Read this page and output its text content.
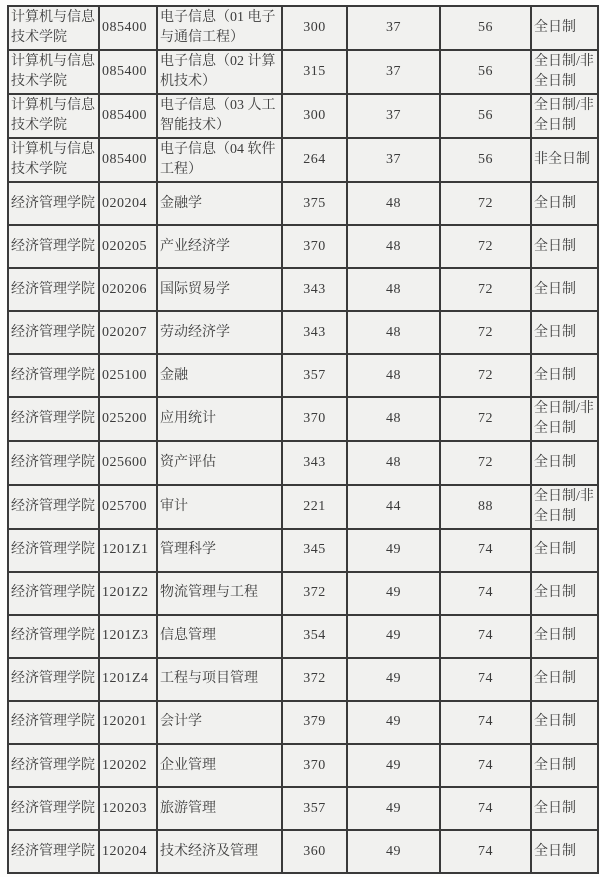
计算机与信息技术学院	085400	电子信息（01 电子与通信工程）	300	37	56	全日制
计算机与信息技术学院	085400	电子信息（02 计算机技术）	315	37	56	全日制/非全日制
计算机与信息技术学院	085400	电子信息（03 人工智能技术）	300	37	56	全日制/非全日制
计算机与信息技术学院	085400	电子信息（04 软件工程）	264	37	56	非全日制
经济管理学院	020204	金融学	375	48	72	全日制
经济管理学院	020205	产业经济学	370	48	72	全日制
经济管理学院	020206	国际贸易学	343	48	72	全日制
经济管理学院	020207	劳动经济学	343	48	72	全日制
经济管理学院	025100	金融	357	48	72	全日制
经济管理学院	025200	应用统计	370	48	72	全日制/非全日制
经济管理学院	025600	资产评估	343	48	72	全日制
经济管理学院	025700	审计	221	44	88	全日制/非全日制
经济管理学院	1201Z1	管理科学	345	49	74	全日制
经济管理学院	1201Z2	物流管理与工程	372	49	74	全日制
经济管理学院	1201Z3	信息管理	354	49	74	全日制
经济管理学院	1201Z4	工程与项目管理	372	49	74	全日制
经济管理学院	120201	会计学	379	49	74	全日制
经济管理学院	120202	企业管理	370	49	74	全日制
经济管理学院	120203	旅游管理	357	49	74	全日制
经济管理学院	120204	技术经济及管理	360	49	74	全日制
